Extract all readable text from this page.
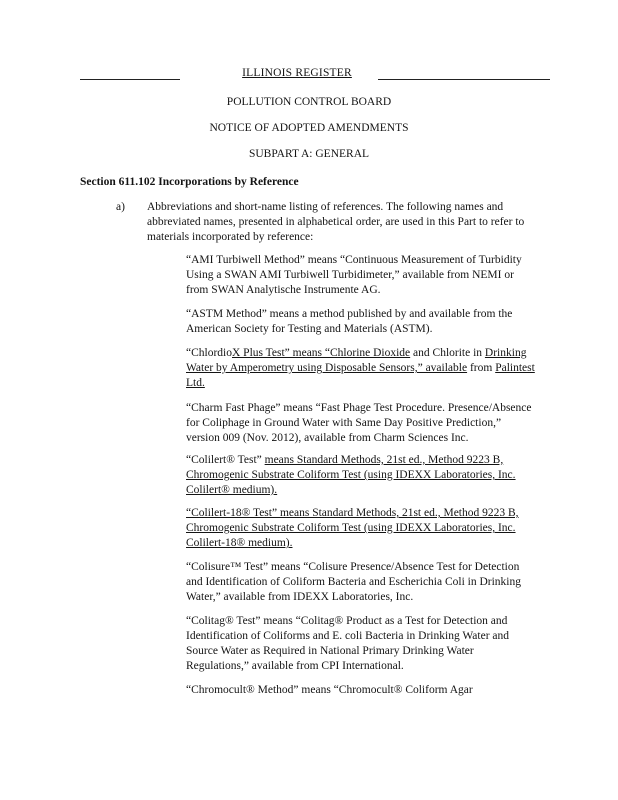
ILLINOIS REGISTER
POLLUTION CONTROL BOARD
NOTICE OF ADOPTED AMENDMENTS
SUBPART A: GENERAL
Section 611.102 Incorporations by Reference
a) Abbreviations and short-name listing of references. The following names and abbreviated names, presented in alphabetical order, are used in this Part to refer to materials incorporated by reference:

“AMI Turbiwell Method” means “Continuous Measurement of Turbidity Using a SWAN AMI Turbiwell Turbidimeter,” available from NEMI or from SWAN Analytische Instrumente AG.

“ASTM Method” means a method published by and available from the American Society for Testing and Materials (ASTM).

“ChlordioX Plus Test” means “Chlorine Dioxide and Chlorite in Drinking Water by Amperometry using Disposable Sensors,” available from Palintest Ltd.

“Charm Fast Phage” means “Fast Phage Test Procedure. Presence/Absence for Coliphage in Ground Water with Same Day Positive Prediction,” version 009 (Nov. 2012), available from Charm Sciences Inc.

“Colilert® Test” means Standard Methods, 21st ed., Method 9223 B, Chromogenic Substrate Coliform Test (using IDEXX Laboratories, Inc. Colilert® medium).

“Colilert-18® Test” means Standard Methods, 21st ed., Method 9223 B, Chromogenic Substrate Coliform Test (using IDEXX Laboratories, Inc. Colilert-18® medium).

“Colisure™ Test” means “Colisure Presence/Absence Test for Detection and Identification of Coliform Bacteria and Escherichia Coli in Drinking Water,” available from IDEXX Laboratories, Inc.

“Colitag® Test” means “Colitag® Product as a Test for Detection and Identification of Coliforms and E. coli Bacteria in Drinking Water and Source Water as Required in National Primary Drinking Water Regulations,” available from CPI International.

“Chromocult® Method” means “Chromocult® Coliform Agar
